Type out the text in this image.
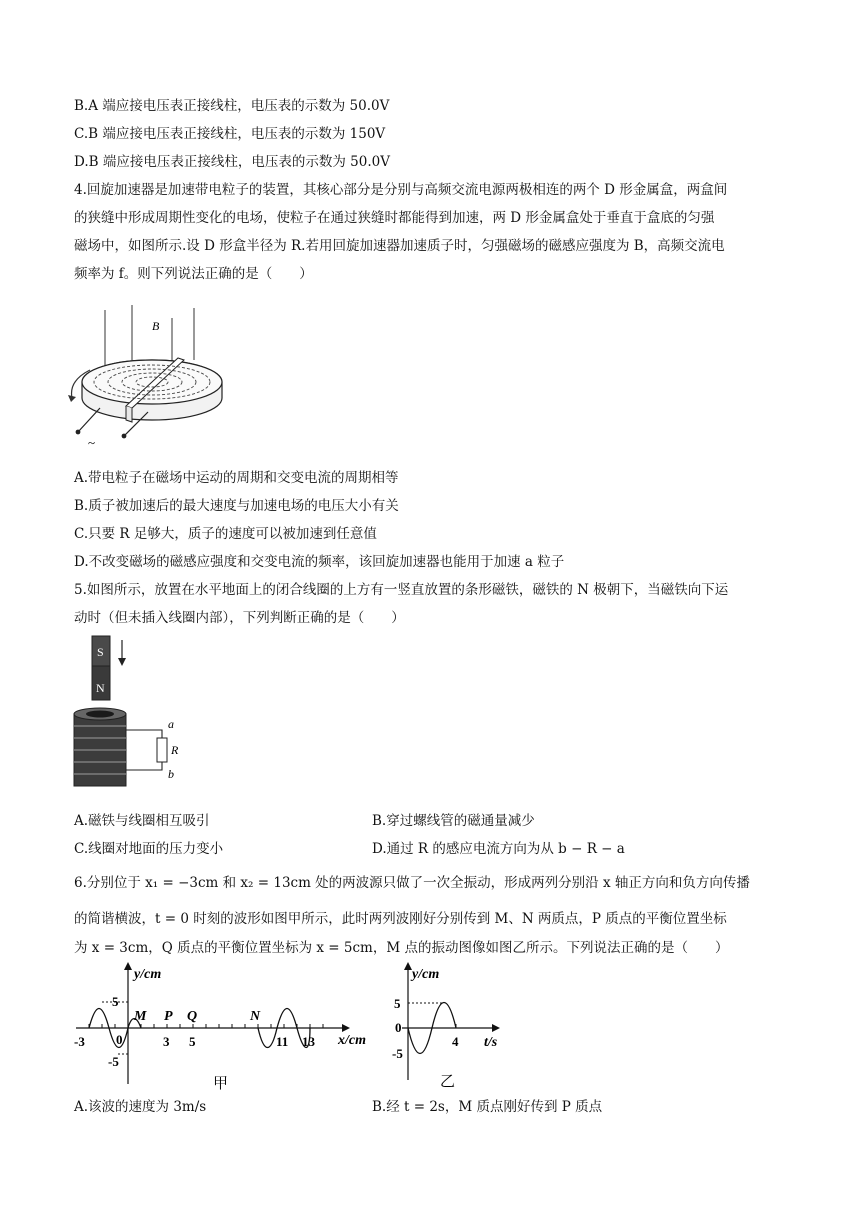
B.A 端应接电压表正接线柱，电压表的示数为 50.0V
C.B 端应接电压表正接线柱，电压表的示数为 150V
D.B 端应接电压表正接线柱，电压表的示数为 50.0V
4.回旋加速器是加速带电粒子的装置，其核心部分是分别与高频交流电源两极相连的两个 D 形金属盒，两盒间
的狭缝中形成周期性变化的电场，使粒子在通过狭缝时都能得到加速，两 D 形金属盒处于垂直于盒底的匀强
磁场中，如图所示.设 D 形盒半径为 R.若用回旋加速器加速质子时，匀强磁场的磁感应强度为 B，高频交流电
频率为 f。则下列说法正确的是（　　）
B
~
A.带电粒子在磁场中运动的周期和交变电流的周期相等
B.质子被加速后的最大速度与加速电场的电压大小有关
C.只要 R 足够大，质子的速度可以被加速到任意值
D.不改变磁场的磁感应强度和交变电流的频率，该回旋加速器也能用于加速 a 粒子
5.如图所示，放置在水平地面上的闭合线圈的上方有一竖直放置的条形磁铁，磁铁的 N 极朝下，当磁铁向下运
动时（但未插入线圈内部），下列判断正确的是（　　）
S
N
a
R
b
A.磁铁与线圈相互吸引	B.穿过螺线管的磁通量减少
C.线圈对地面的压力变小	D.通过 R 的感应电流方向为从 b − R − a
6.分别位于 x₁ = −3cm 和 x₂ = 13cm 处的两波源只做了一次全振动，形成两列分别沿 x 轴正方向和负方向传播
的简谐横波，t = 0 时刻的波形如图甲所示，此时两列波刚好分别传到 M、N 两质点，P 质点的平衡位置坐标
为 x = 3cm，Q 质点的平衡位置坐标为 x = 5cm，M 点的振动图像如图乙所示。下列说法正确的是（　　）
y/cm
x/cm
5
-5
0
-3	3 5	11 13
M P Q	N
甲
y/cm
t/s
5
-5
0
4
乙
A.该波的速度为 3m/s	B.经 t = 2s，M 质点刚好传到 P 质点
